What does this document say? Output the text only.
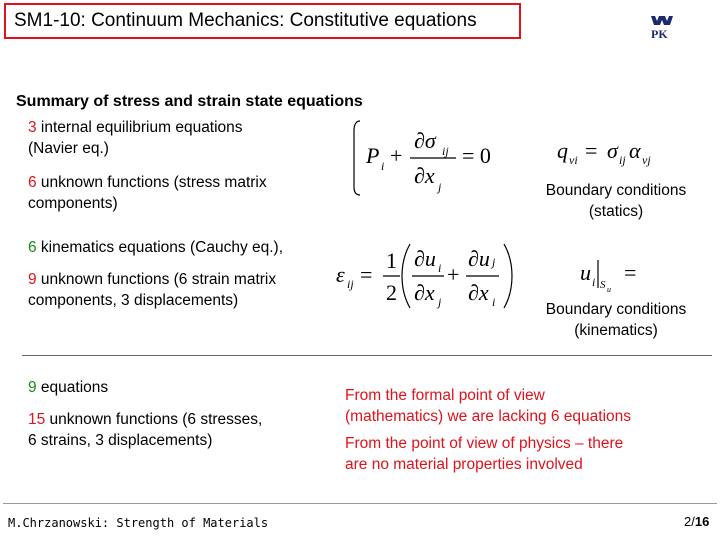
SM1-10: Continuum Mechanics: Constitutive equations
PK
Summary of stress and strain state equations
3 internal equilibrium equations
(Navier eq.)
6 unknown functions (stress matrix
components)
P i +
∂σ ij
∂x j
= 0	q vi = σ ij α vj
Boundary conditions
(statics)
6 kinematics equations (Cauchy eq.),
9 unknown functions (6 strain matrix
components, 3 displacements)
ε ij =
1
2
∂u i
∂x j
+
∂u j
∂x i
u i S u
=
Boundary conditions
(kinematics)
9 equations
15 unknown functions (6 stresses,
6 strains, 3 displacements)
From the formal point of view
(mathematics) we are lacking 6 equations
From the point of view of physics – there
are no material properties involved
M.Chrzanowski: Strength of Materials	2/16
